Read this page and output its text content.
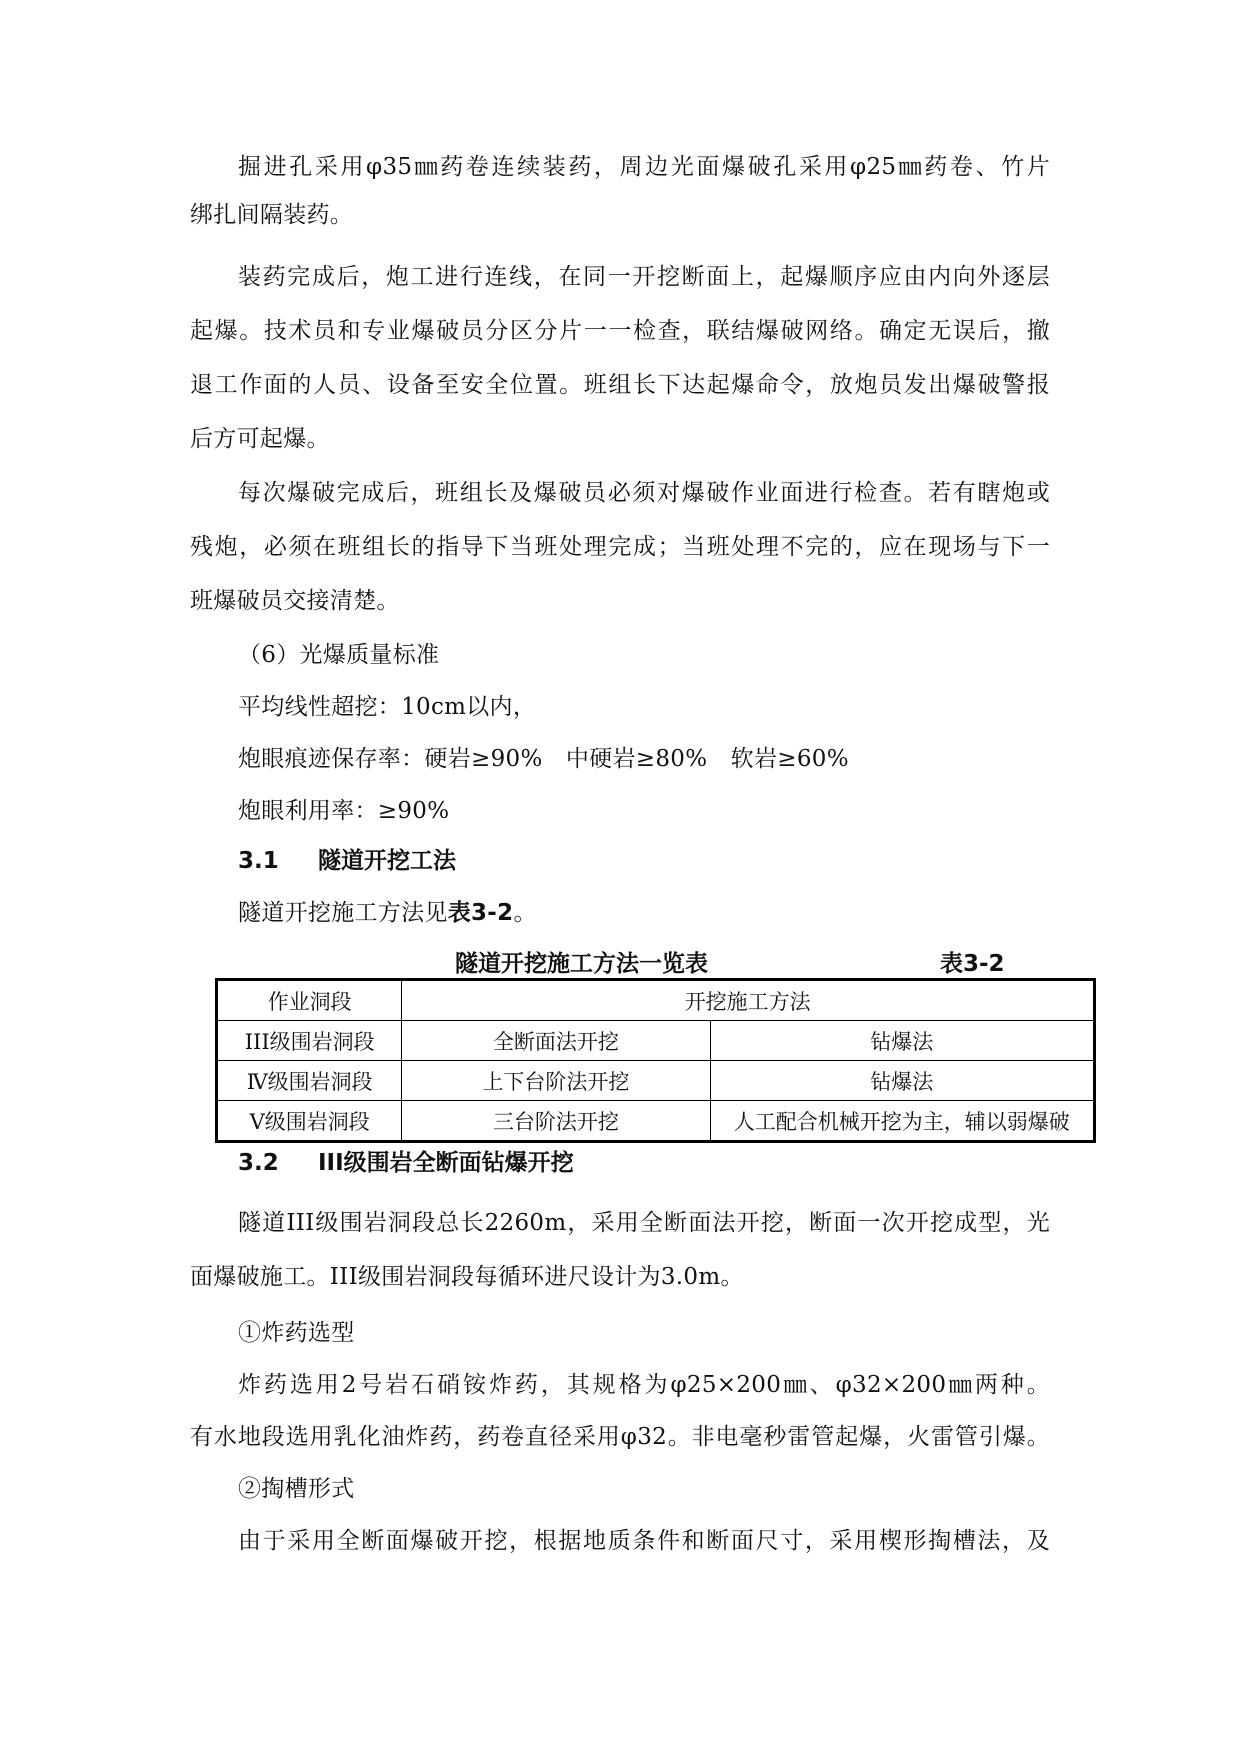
掘进孔采用φ35㎜药卷连续装药，周边光面爆破孔采用φ25㎜药卷、竹片
绑扎间隔装药。
装药完成后，炮工进行连线，在同一开挖断面上，起爆顺序应由内向外逐层
起爆。技术员和专业爆破员分区分片一一检查，联结爆破网络。确定无误后，撤
退工作面的人员、设备至安全位置。班组长下达起爆命令，放炮员发出爆破警报
后方可起爆。
每次爆破完成后，班组长及爆破员必须对爆破作业面进行检查。若有瞎炮或
残炮，必须在班组长的指导下当班处理完成；当班处理不完的，应在现场与下一
班爆破员交接清楚。
（6）光爆质量标准
平均线性超挖：10cm以内，
炮眼痕迹保存率：硬岩≥90%　中硬岩≥80%　软岩≥60%
炮眼利用率：≥90%
3.1 隧道开挖工法
隧道开挖施工方法见表3-2。
隧道开挖施工方法一览表	表3-2
作业洞段	开挖施工方法	
III级围岩洞段	全断面法开挖	钻爆法
Ⅳ级围岩洞段	上下台阶法开挖	钻爆法
Ⅴ级围岩洞段	三台阶法开挖	人工配合机械开挖为主，辅以弱爆破
3.2 III级围岩全断面钻爆开挖
隧道III级围岩洞段总长2260m，采用全断面法开挖，断面一次开挖成型，光
面爆破施工。III级围岩洞段每循环进尺设计为3.0m。
①炸药选型
炸药选用2号岩石硝铵炸药，其规格为φ25×200㎜、φ32×200㎜两种。
有水地段选用乳化油炸药，药卷直径采用φ32。非电毫秒雷管起爆，火雷管引爆。
②掏槽形式
由于采用全断面爆破开挖，根据地质条件和断面尺寸，采用楔形掏槽法，及
